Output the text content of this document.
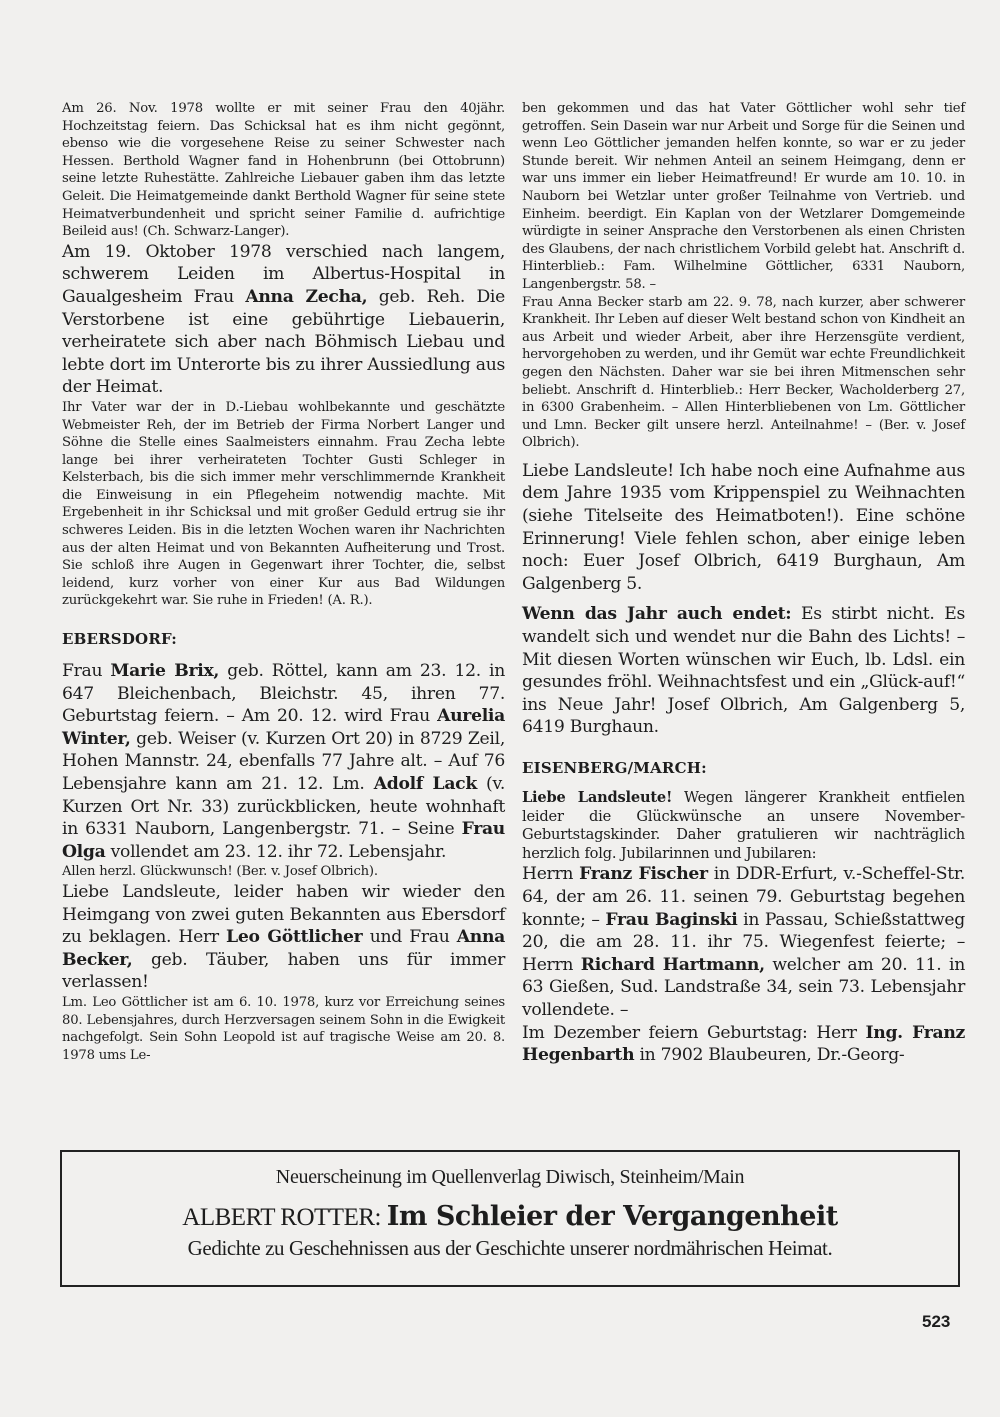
Am 26. Nov. 1978 wollte er mit seiner Frau den 40jähr. Hochzeitstag feiern. Das Schicksal hat es ihm nicht gegönnt, ebenso wie die vorgesehene Reise zu seiner Schwester nach Hessen. Berthold Wagner fand in Hohenbrunn (bei Ottobrunn) seine letzte Ruhestätte. Zahlreiche Liebauer gaben ihm das letzte Geleit. Die Heimatgemeinde dankt Berthold Wagner für seine stete Heimatverbundenheit und spricht seiner Familie d. aufrichtige Beileid aus! (Ch. Schwarz-Langer).

Am 19. Oktober 1978 verschied nach langem, schwerem Leiden im Albertus-Hospital in Gaualgesheim Frau Anna Zecha, geb. Reh. Die Verstorbene ist eine gebührtige Liebauerin, verheiratete sich aber nach Böhmisch Liebau und lebte dort im Unterorte bis zu ihrer Aussiedlung aus der Heimat.

Ihr Vater war der in D.-Liebau wohlbekannte und geschätzte Webmeister Reh, der im Betrieb der Firma Norbert Langer und Söhne die Stelle eines Saalmeisters einnahm. Frau Zecha lebte lange bei ihrer verheirateten Tochter Gusti Schleger in Kelsterbach, bis die sich immer mehr verschlimmernde Krankheit die Einweisung in ein Pflegeheim notwendig machte. Mit Ergebenheit in ihr Schicksal und mit großer Geduld ertrug sie ihr schweres Leiden. Bis in die letzten Wochen waren ihr Nachrichten aus der alten Heimat und von Bekannten Aufheiterung und Trost. Sie schloß ihre Augen in Gegenwart ihrer Tochter, die, selbst leidend, kurz vorher von einer Kur aus Bad Wildungen zurückgekehrt war. Sie ruhe in Frieden! (A. R.).

EBERSDORF:

Frau Marie Brix, geb. Röttel, kann am 23. 12. in 647 Bleichenbach, Bleichstr. 45, ihren 77. Geburtstag feiern. – Am 20. 12. wird Frau Aurelia Winter, geb. Weiser (v. Kurzen Ort 20) in 8729 Zeil, Hohen Mannstr. 24, ebenfalls 77 Jahre alt. – Auf 76 Lebensjahre kann am 21. 12. Lm. Adolf Lack (v. Kurzen Ort Nr. 33) zurückblicken, heute wohnhaft in 6331 Nauborn, Langenbergstr. 71. – Seine Frau Olga vollendet am 23. 12. ihr 72. Lebensjahr.

Allen herzl. Glückwunsch! (Ber. v. Josef Olbrich).

Liebe Landsleute, leider haben wir wieder den Heimgang von zwei guten Bekannten aus Ebersdorf zu beklagen. Herr Leo Göttlicher und Frau Anna Becker, geb. Täuber, haben uns für immer verlassen!

Lm. Leo Göttlicher ist am 6. 10. 1978, kurz vor Erreichung seines 80. Lebensjahres, durch Herzversagen seinem Sohn in die Ewigkeit nachgefolgt. Sein Sohn Leopold ist auf tragische Weise am 20. 8. 1978 ums Le-

ben gekommen und das hat Vater Göttlicher wohl sehr tief getroffen. Sein Dasein war nur Arbeit und Sorge für die Seinen und wenn Leo Göttlicher jemanden helfen konnte, so war er zu jeder Stunde bereit. Wir nehmen Anteil an seinem Heimgang, denn er war uns immer ein lieber Heimatfreund! Er wurde am 10. 10. in Nauborn bei Wetzlar unter großer Teilnahme von Vertrieb. und Einheim. beerdigt. Ein Kaplan von der Wetzlarer Domgemeinde würdigte in seiner Ansprache den Verstorbenen als einen Christen des Glaubens, der nach christlichem Vorbild gelebt hat. Anschrift d. Hinterblieb.: Fam. Wilhelmine Göttlicher, 6331 Nauborn, Langenbergstr. 58. –

Frau Anna Becker starb am 22. 9. 78, nach kurzer, aber schwerer Krankheit. Ihr Leben auf dieser Welt bestand schon von Kindheit an aus Arbeit und wieder Arbeit, aber ihre Herzensgüte verdient, hervorgehoben zu werden, und ihr Gemüt war echte Freundlichkeit gegen den Nächsten. Daher war sie bei ihren Mitmenschen sehr beliebt. Anschrift d. Hinterblieb.: Herr Becker, Wacholderberg 27, in 6300 Grabenheim. – Allen Hinterbliebenen von Lm. Göttlicher und Lmn. Becker gilt unsere herzl. Anteilnahme! – (Ber. v. Josef Olbrich).

Liebe Landsleute! Ich habe noch eine Aufnahme aus dem Jahre 1935 vom Krippenspiel zu Weihnachten (siehe Titelseite des Heimatboten!). Eine schöne Erinnerung! Viele fehlen schon, aber einige leben noch: Euer Josef Olbrich, 6419 Burghaun, Am Galgenberg 5.

Wenn das Jahr auch endet: Es stirbt nicht. Es wandelt sich und wendet nur die Bahn des Lichts! – Mit diesen Worten wünschen wir Euch, lb. Ldsl. ein gesundes fröhl. Weihnachtsfest und ein „Glück-auf!“ ins Neue Jahr! Josef Olbrich, Am Galgenberg 5, 6419 Burghaun.

EISENBERG/MARCH:

Liebe Landsleute! Wegen längerer Krankheit entfielen leider die Glückwünsche an unsere November-Geburtstagskinder. Daher gratulieren wir nachträglich herzlich folg. Jubilarinnen und Jubilaren:

Herrn Franz Fischer in DDR-Erfurt, v.-Scheffel-Str. 64, der am 26. 11. seinen 79. Geburtstag begehen konnte; – Frau Baginski in Passau, Schießstattweg 20, die am 28. 11. ihr 75. Wiegenfest feierte; – Herrn Richard Hartmann, welcher am 20. 11. in 63 Gießen, Sud. Landstraße 34, sein 73. Lebensjahr vollendete. –

Im Dezember feiern Geburtstag: Herr Ing. Franz Hegenbarth in 7902 Blaubeuren, Dr.-Georg-

Neuerscheinung im Quellenverlag Diwisch, Steinheim/Main
ALBERT ROTTER: Im Schleier der Vergangenheit
Gedichte zu Geschehnissen aus der Geschichte unserer nordmährischen Heimat.
523
